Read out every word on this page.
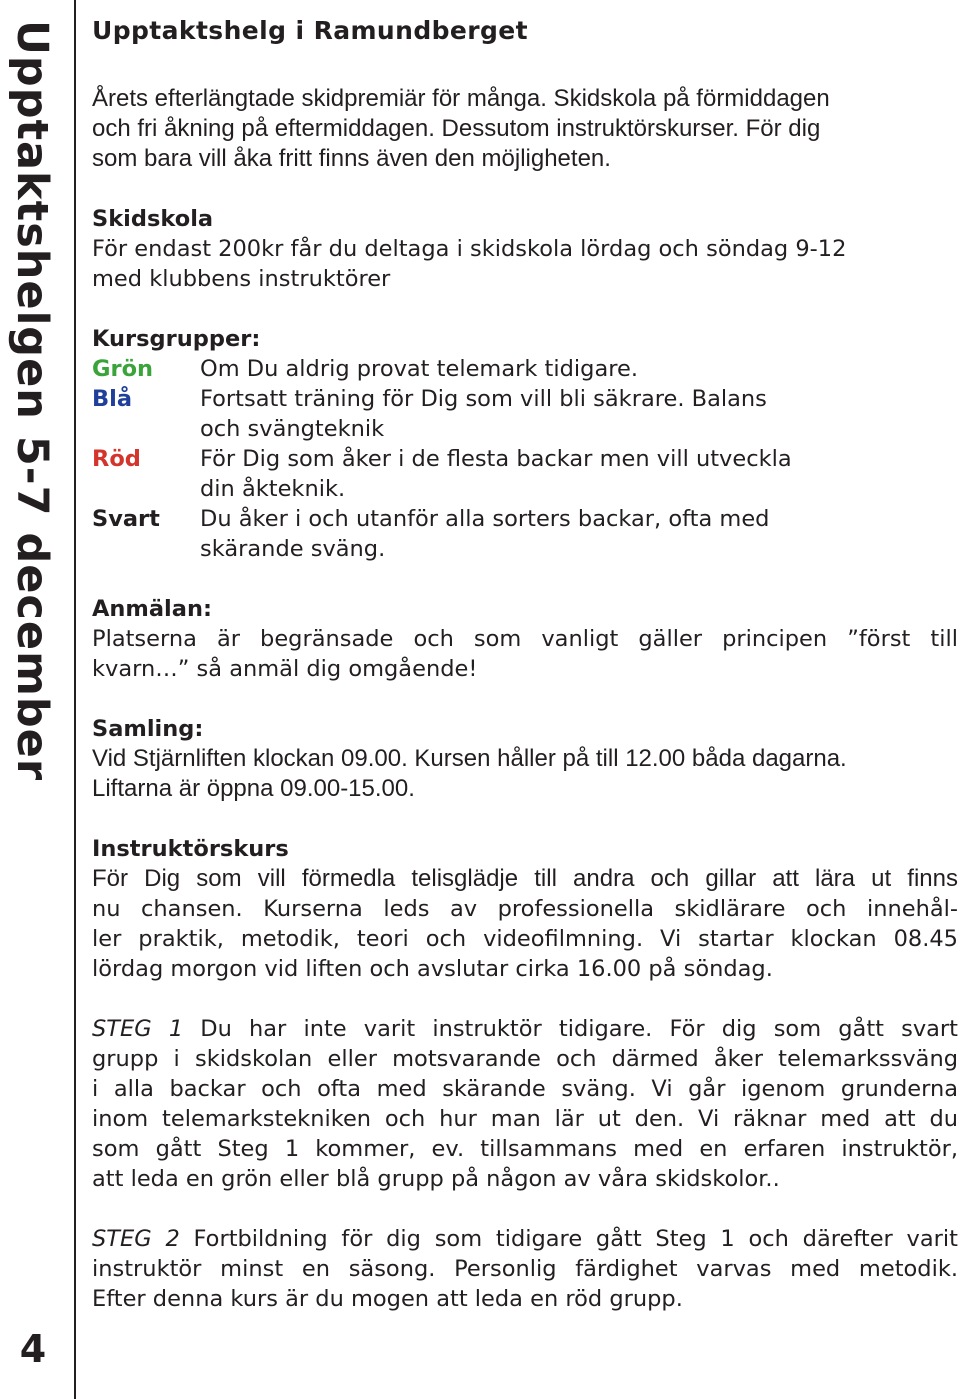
Upptaktshelgen 5-7 december
4
Upptaktshelg i Ramundberget

Årets efterlängtade skidpremiär för många. Skidskola på förmiddagen

och fri åkning på eftermiddagen. Dessutom instruktörskurser. För dig

som bara vill åka fritt finns även den möjligheten.

Skidskola

För endast 200kr får du deltaga i skidskola lördag och söndag 9-12

med klubbens instruktörer

Kursgrupper:

Grön	Om Du aldrig provat telemark tidigare.
Blå	Fortsatt träning för Dig som vill bli säkrare. Balans
och svängteknik
Röd	För Dig som åker i de flesta backar men vill utveckla
din åkteknik.
Svart	Du åker i och utanför alla sorters backar, ofta med
skärande sväng.

Anmälan:

Platserna är begränsade och som vanligt gäller principen ”först till

kvarn…” så anmäl dig omgående!

Samling:

Vid Stjärnliften klockan 09.00. Kursen håller på till 12.00 båda dagarna.

Liftarna är öppna 09.00-15.00.

Instruktörskurs

För Dig som vill förmedla telisglädje till andra och gillar att lära ut finns

nu chansen. Kurserna leds av professionella skidlärare och innehål-

ler praktik, metodik, teori och videofilmning. Vi startar klockan 08.45

lördag morgon vid liften och avslutar cirka 16.00 på söndag.

STEG 1 Du har inte varit instruktör tidigare. För dig som gått svart

grupp i skidskolan eller motsvarande och därmed åker telemarkssväng

i alla backar och ofta med skärande sväng. Vi går igenom grunderna

inom telemarkstekniken och hur man lär ut den. Vi räknar med att du

som gått Steg 1 kommer, ev. tillsammans med en erfaren instruktör,

att leda en grön eller blå grupp på någon av våra skidskolor..

STEG 2 Fortbildning för dig som tidigare gått Steg 1 och därefter varit

instruktör minst en säsong. Personlig färdighet varvas med metodik.

Efter denna kurs är du mogen att leda en röd grupp.
